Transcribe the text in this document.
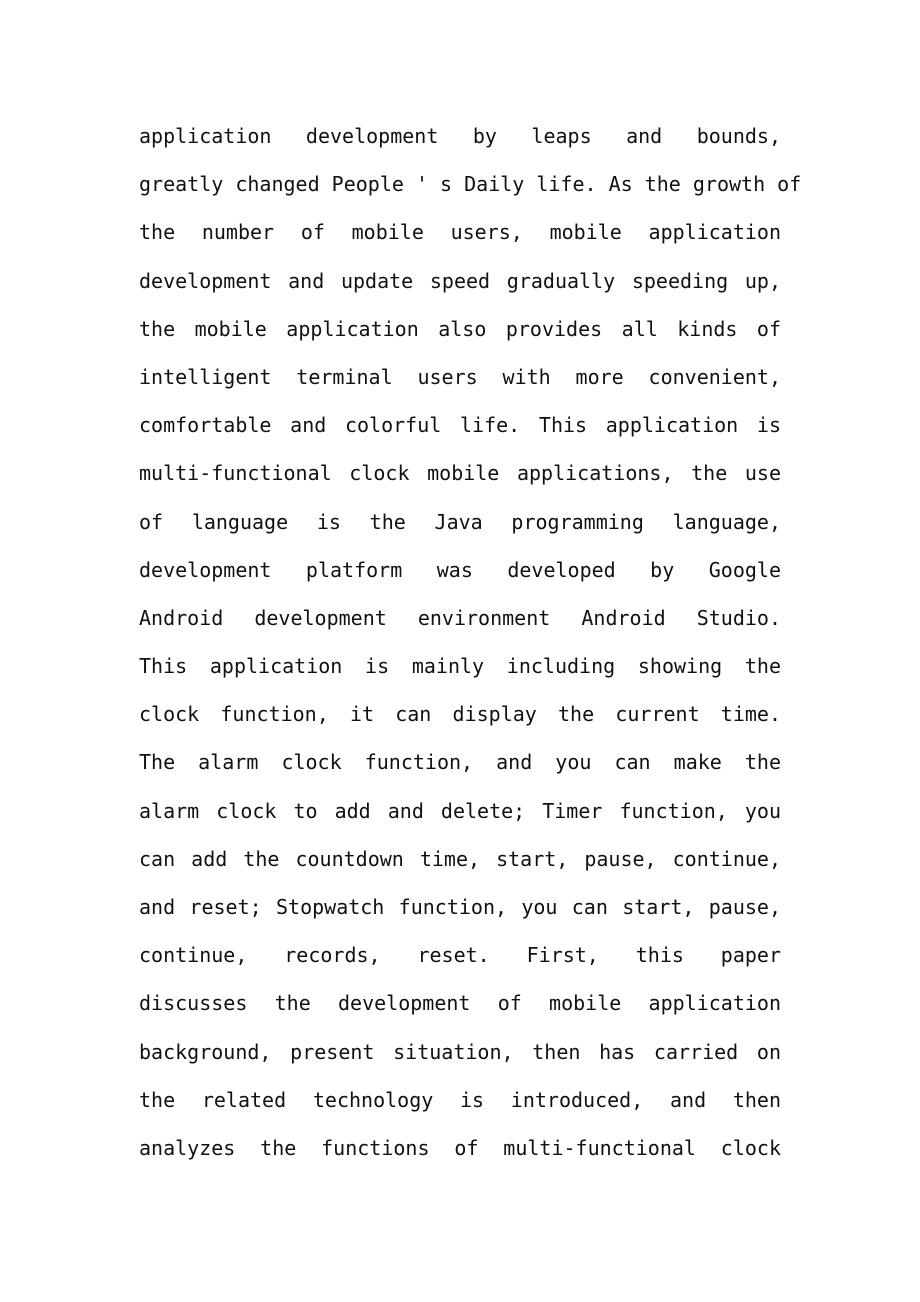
application development by leaps and bounds,
greatly changed People ' s Daily life. As the growth of
the number of mobile users, mobile application
development and update speed gradually speeding up,
the mobile application also provides all kinds of
intelligent terminal users with more convenient,
comfortable and colorful life. This application is
multi-functional clock mobile applications, the use
of language is the Java programming language,
development platform was developed by Google
Android development environment Android Studio.
This application is mainly including showing the
clock function, it can display the current time.
The alarm clock function, and you can make the
alarm clock to add and delete; Timer function, you
can add the countdown time, start, pause, continue,
and reset; Stopwatch function, you can start, pause,
continue, records, reset. First, this paper
discusses the development of mobile application
background, present situation, then has carried on
the related technology is introduced, and then
analyzes the functions of multi-functional clock
